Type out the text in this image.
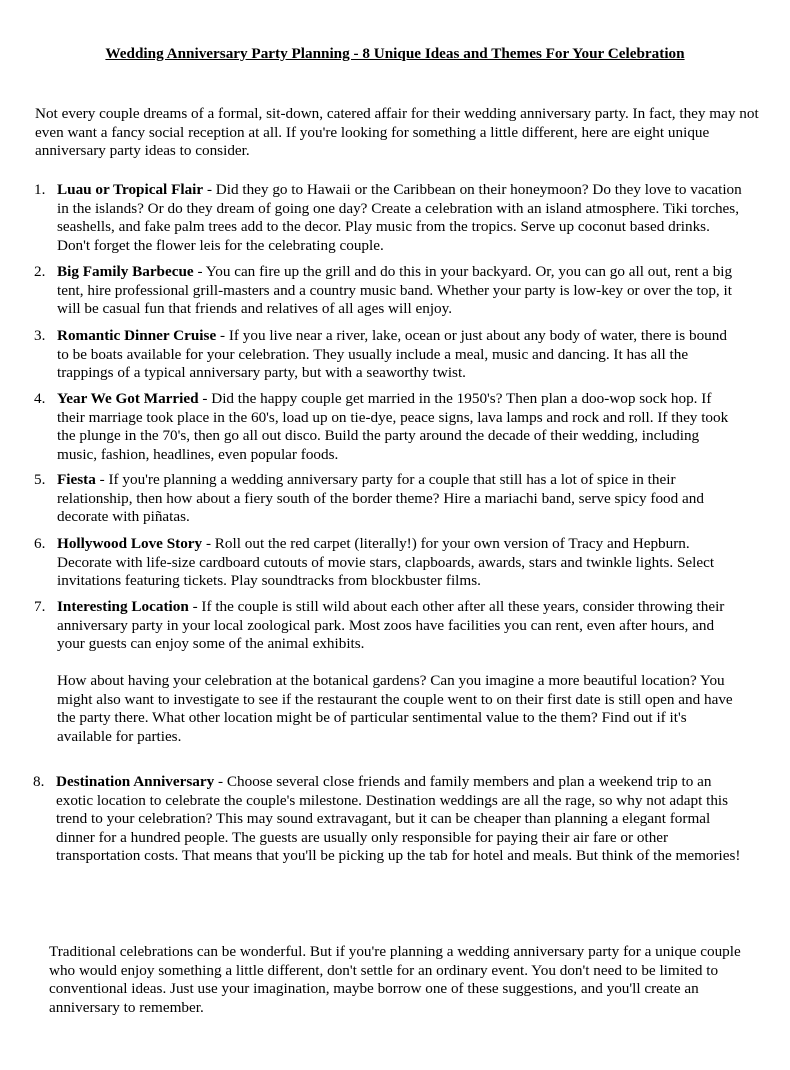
Wedding Anniversary Party Planning - 8 Unique Ideas and Themes For Your Celebration

Not every couple dreams of a formal, sit-down, catered affair for their wedding anniversary party. In fact, they may not even want a fancy social reception at all. If you're looking for something a little different, here are eight unique anniversary party ideas to consider.

1. Luau or Tropical Flair - Did they go to Hawaii or the Caribbean on their honeymoon? Do they love to vacation in the islands? Or do they dream of going one day? Create a celebration with an island atmosphere. Tiki torches, seashells, and fake palm trees add to the decor. Play music from the tropics. Serve up coconut based drinks. Don't forget the flower leis for the celebrating couple.
2. Big Family Barbecue - You can fire up the grill and do this in your backyard. Or, you can go all out, rent a big tent, hire professional grill-masters and a country music band. Whether your party is low-key or over the top, it will be casual fun that friends and relatives of all ages will enjoy.
3. Romantic Dinner Cruise - If you live near a river, lake, ocean or just about any body of water, there is bound to be boats available for your celebration. They usually include a meal, music and dancing. It has all the trappings of a typical anniversary party, but with a seaworthy twist.
4. Year We Got Married - Did the happy couple get married in the 1950's? Then plan a doo-wop sock hop. If their marriage took place in the 60's, load up on tie-dye, peace signs, lava lamps and rock and roll. If they took the plunge in the 70's, then go all out disco. Build the party around the decade of their wedding, including music, fashion, headlines, even popular foods.
5. Fiesta - If you're planning a wedding anniversary party for a couple that still has a lot of spice in their relationship, then how about a fiery south of the border theme? Hire a mariachi band, serve spicy food and decorate with piñatas.
6. Hollywood Love Story - Roll out the red carpet (literally!) for your own version of Tracy and Hepburn. Decorate with life-size cardboard cutouts of movie stars, clapboards, awards, stars and twinkle lights. Select invitations featuring tickets. Play soundtracks from blockbuster films.
7. Interesting Location - If the couple is still wild about each other after all these years, consider throwing their anniversary party in your local zoological park. Most zoos have facilities you can rent, even after hours, and your guests can enjoy some of the animal exhibits.
8. Destination Anniversary - Choose several close friends and family members and plan a weekend trip to an exotic location to celebrate the couple's milestone. Destination weddings are all the rage, so why not adapt this trend to your celebration? This may sound extravagant, but it can be cheaper than planning a elegant formal dinner for a hundred people. The guests are usually only responsible for paying their air fare or other transportation costs. That means that you'll be picking up the tab for hotel and meals. But think of the memories!

How about having your celebration at the botanical gardens? Can you imagine a more beautiful location? You might also want to investigate to see if the restaurant the couple went to on their first date is still open and have the party there. What other location might be of particular sentimental value to the them? Find out if it's available for parties.

Traditional celebrations can be wonderful. But if you're planning a wedding anniversary party for a unique couple who would enjoy something a little different, don't settle for an ordinary event. You don't need to be limited to conventional ideas. Just use your imagination, maybe borrow one of these suggestions, and you'll create an anniversary to remember.
